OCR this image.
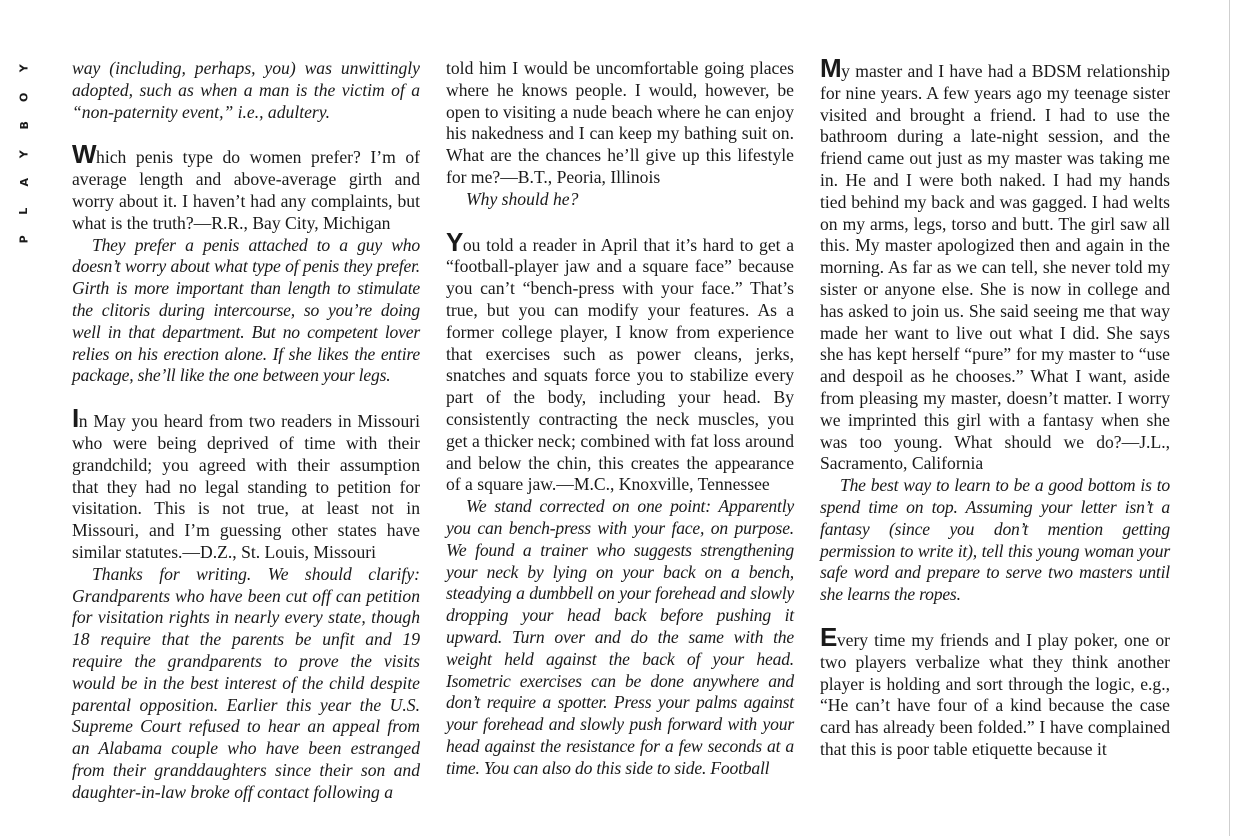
Y
O
B
Y
A
L
P

way (including, perhaps, you) was unwittingly adopted, such as when a man is the victim of a “non-paternity event,” i.e., adultery.

Which penis type do women prefer? I’m of average length and above-average girth and worry about it. I haven’t had any complaints, but what is the truth?—R.R., Bay City, Michigan

They prefer a penis attached to a guy who doesn’t worry about what type of penis they prefer. Girth is more important than length to stimulate the clitoris during intercourse, so you’re doing well in that department. But no competent lover relies on his erection alone. If she likes the entire package, she’ll like the one between your legs.

In May you heard from two readers in Missouri who were being deprived of time with their grandchild; you agreed with their assumption that they had no legal standing to petition for visitation. This is not true, at least not in Missouri, and I’m guessing other states have similar statutes.—D.Z., St. Louis, Missouri

Thanks for writing. We should clarify: Grandparents who have been cut off can petition for visitation rights in nearly every state, though 18 require that the parents be unfit and 19 require the grandparents to prove the visits would be in the best interest of the child despite parental opposition. Earlier this year the U.S. Supreme Court refused to hear an appeal from an Alabama couple who have been estranged from their granddaughters since their son and daughter-in-law broke off contact following a

told him I would be uncomfortable going places where he knows people. I would, however, be open to visiting a nude beach where he can enjoy his nakedness and I can keep my bathing suit on. What are the chances he’ll give up this lifestyle for me?—B.T., Peoria, Illinois

Why should he?

You told a reader in April that it’s hard to get a “football-player jaw and a square face” because you can’t “bench-press with your face.” That’s true, but you can modify your features. As a former college player, I know from experience that exercises such as power cleans, jerks, snatches and squats force you to stabilize every part of the body, including your head. By consistently contracting the neck muscles, you get a thicker neck; combined with fat loss around and below the chin, this creates the appearance of a square jaw.—M.C., Knoxville, Tennessee

We stand corrected on one point: Apparently you can bench-press with your face, on purpose. We found a trainer who suggests strengthening your neck by lying on your back on a bench, steadying a dumbbell on your forehead and slowly dropping your head back before pushing it upward. Turn over and do the same with the weight held against the back of your head. Isometric exercises can be done anywhere and don’t require a spotter. Press your palms against your forehead and slowly push forward with your head against the resistance for a few seconds at a time. You can also do this side to side. Football

My master and I have had a BDSM relationship for nine years. A few years ago my teenage sister visited and brought a friend. I had to use the bathroom during a late-night session, and the friend came out just as my master was taking me in. He and I were both naked. I had my hands tied behind my back and was gagged. I had welts on my arms, legs, torso and butt. The girl saw all this. My master apologized then and again in the morning. As far as we can tell, she never told my sister or anyone else. She is now in college and has asked to join us. She said seeing me that way made her want to live out what I did. She says she has kept herself “pure” for my master to “use and despoil as he chooses.” What I want, aside from pleasing my master, doesn’t matter. I worry we imprinted this girl with a fantasy when she was too young. What should we do?—J.L., Sacramento, California

The best way to learn to be a good bottom is to spend time on top. Assuming your letter isn’t a fantasy (since you don’t mention getting permission to write it), tell this young woman your safe word and prepare to serve two masters until she learns the ropes.

Every time my friends and I play poker, one or two players verbalize what they think another player is holding and sort through the logic, e.g., “He can’t have four of a kind because the case card has already been folded.” I have complained that this is poor table etiquette because it
